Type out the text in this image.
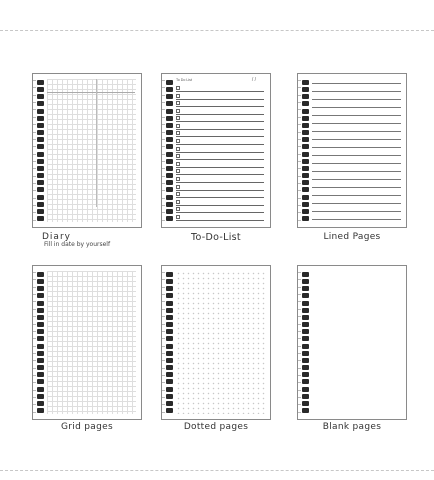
Diary
Fill in date by yourself
To Do List	/ /
To-Do-List	Lined Pages
Grid pages	Dotted pages	Blank pages
